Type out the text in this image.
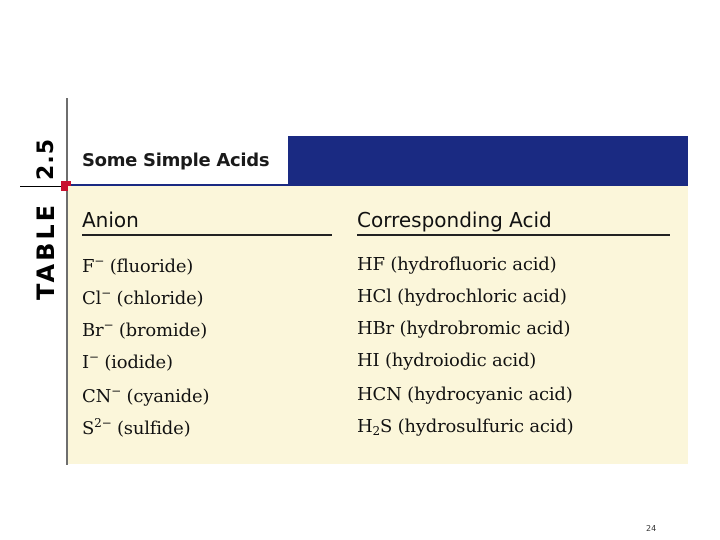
TABLE
2.5 Some Simple Acids
Anion	Corresponding Acid
F− (fluoride)	HF (hydrofluoric acid)
Cl− (chloride)	HCl (hydrochloric acid)
Br− (bromide)	HBr (hydrobromic acid)
I− (iodide)	HI (hydroiodic acid)
CN− (cyanide)	HCN (hydrocyanic acid)
$S^{2-}$ (sulfide)	$H_2S$ (hydrosulfuric acid)
24
